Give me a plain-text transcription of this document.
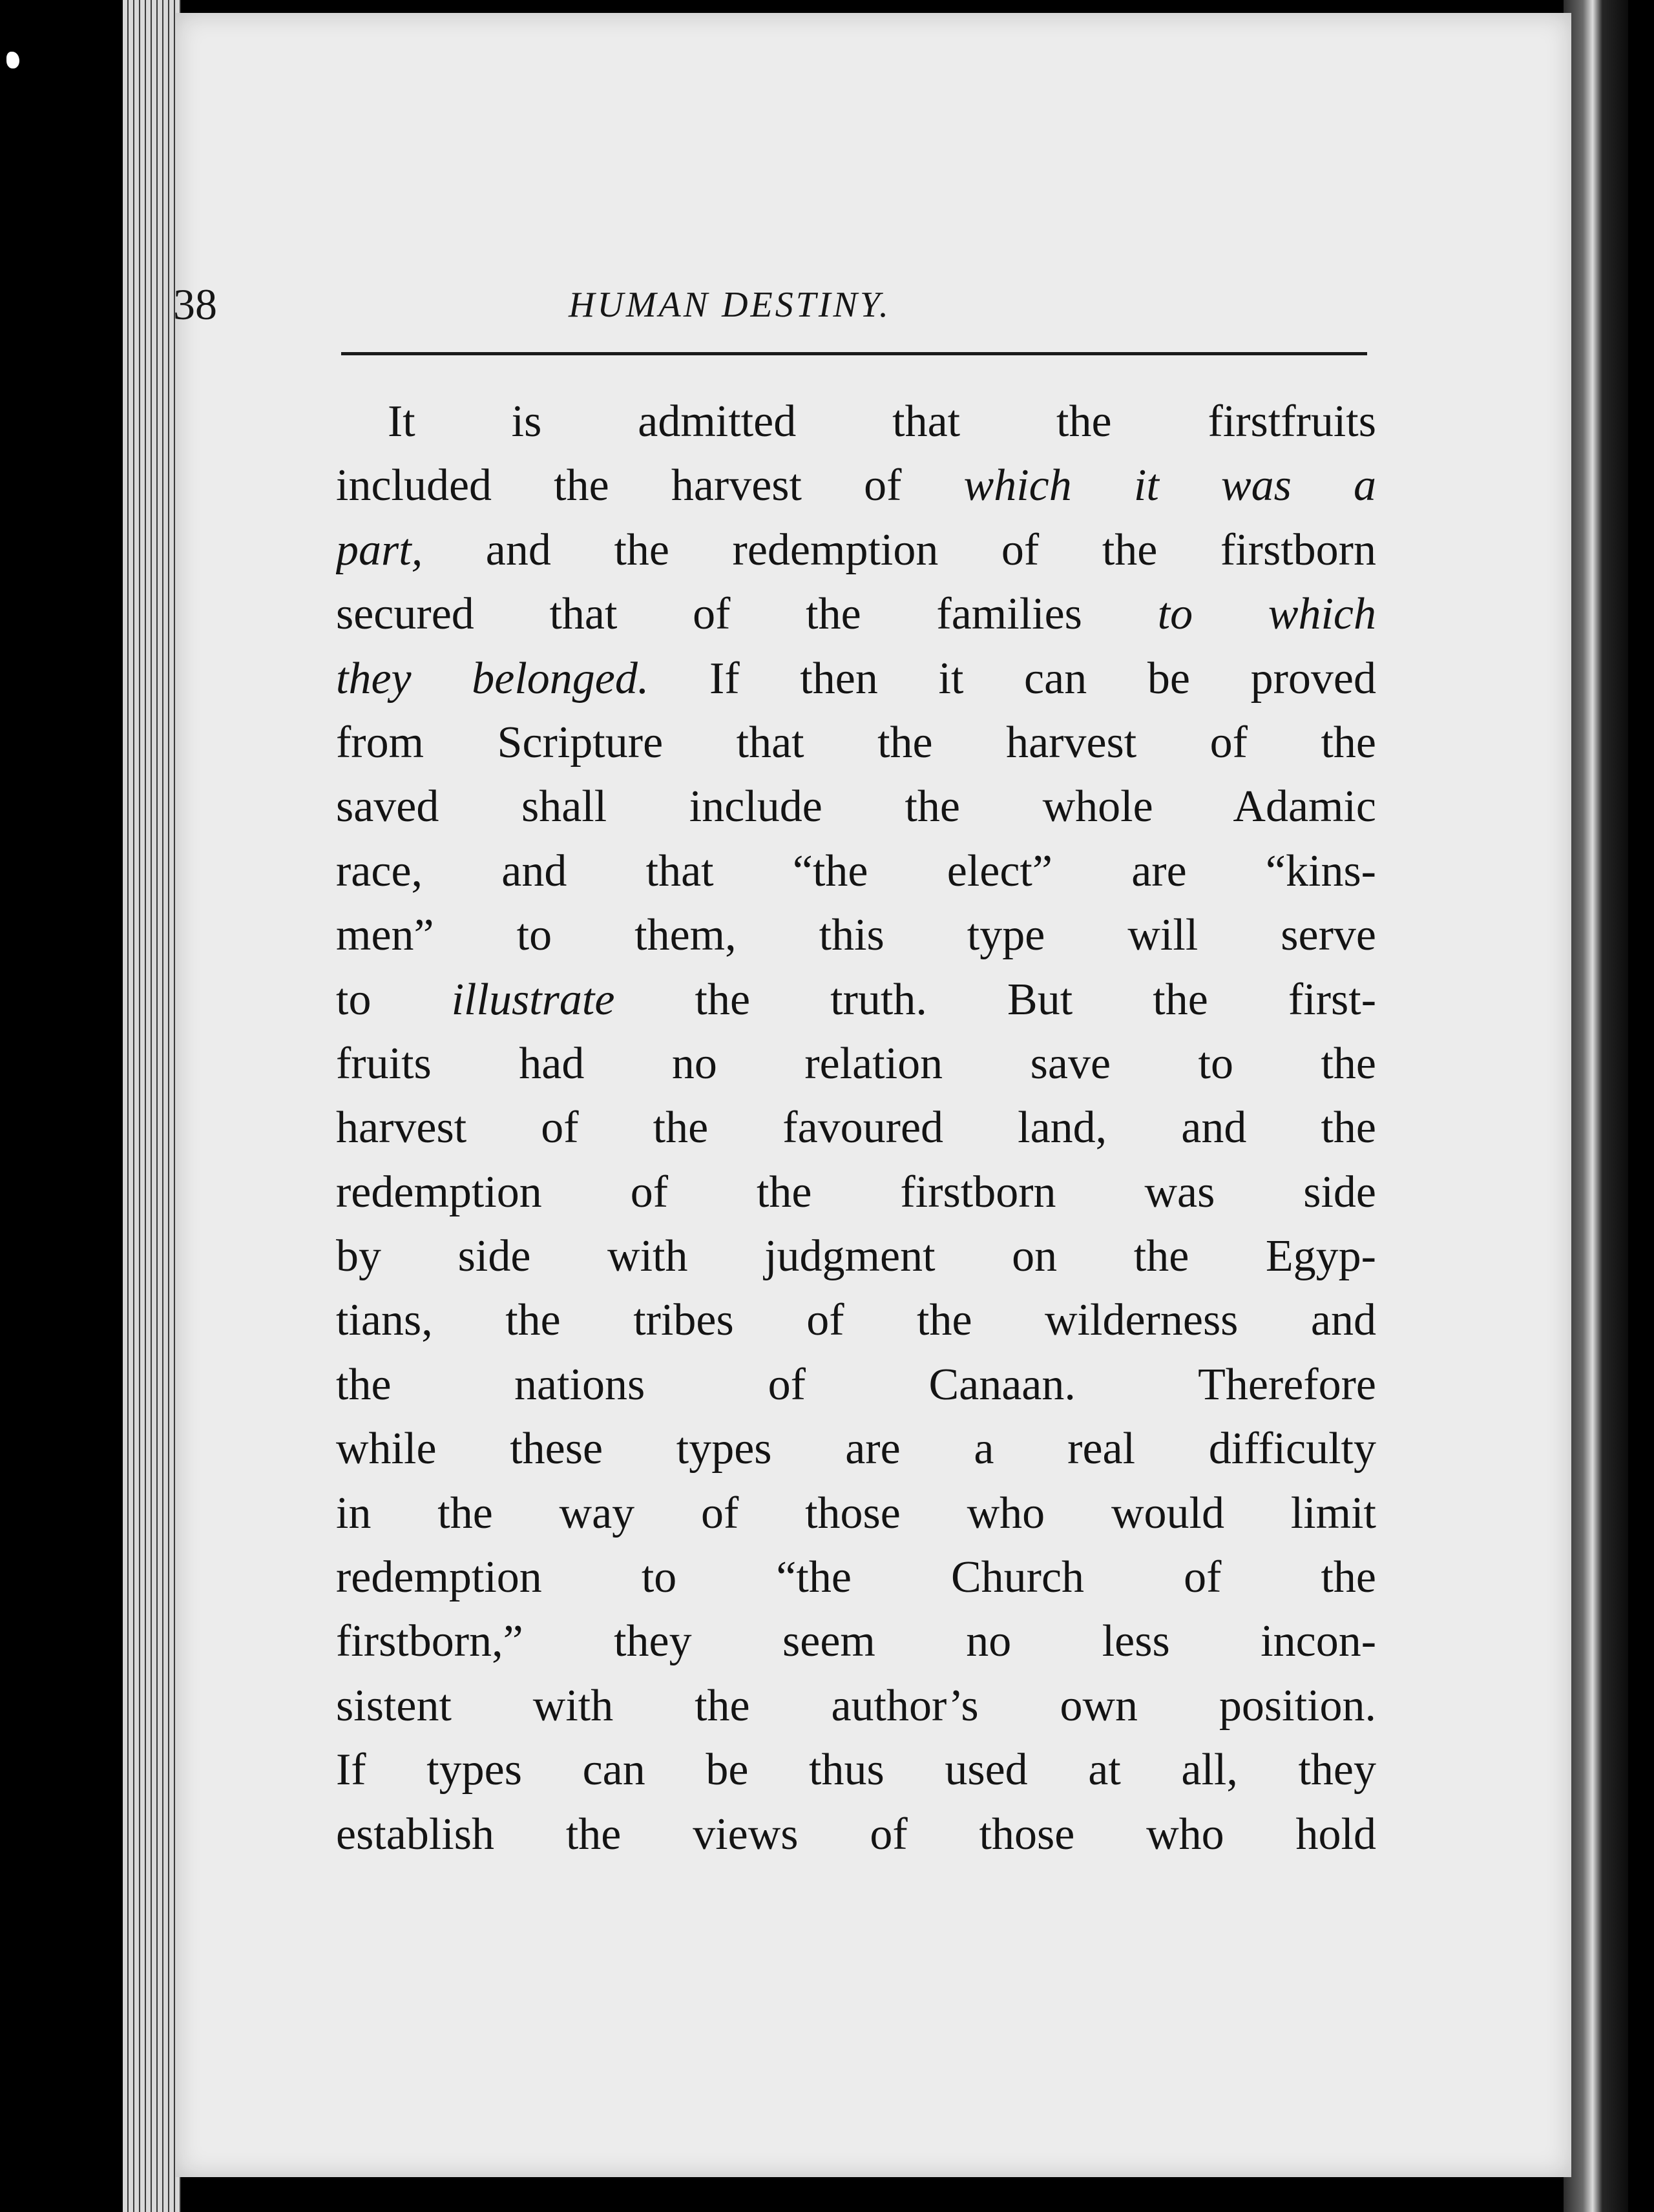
38	HUMAN DESTINY.
It is admitted that the firstfruits
included the harvest of which it was a
part, and the redemption of the firstborn
secured that of the families to which
they belonged. If then it can be proved
from Scripture that the harvest of the
saved shall include the whole Adamic
race, and that “the elect” are “kins-
men” to them, this type will serve
to illustrate the truth. But the first-
fruits had no relation save to the
harvest of the favoured land, and the
redemption of the firstborn was side
by side with judgment on the Egyp-
tians, the tribes of the wilderness and
the nations of Canaan. Therefore
while these types are a real difficulty
in the way of those who would limit
redemption to “the Church of the
firstborn,” they seem no less incon-
sistent with the author’s own position.
If types can be thus used at all, they
establish the views of those who hold
